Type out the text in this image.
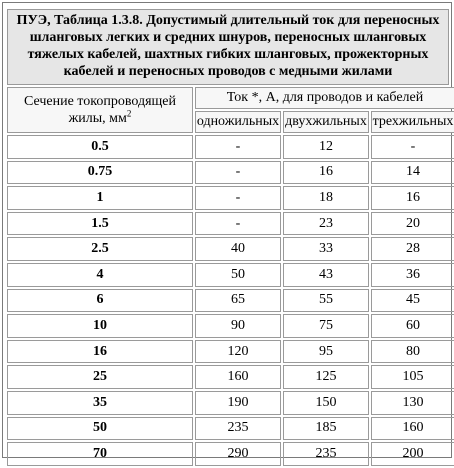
ПУЭ, Таблица 1.3.8. Допустимый длительный ток для переносных шланговых легких и средних шнуров, переносных шланговых тяжелых кабелей, шахтных гибких шланговых, прожекторных кабелей и переносных проводов с медными жилами
Сечение токопроводящей жилы, $мм^2$	Ток *, А, для проводов и кабелей		
	одножильных	двухжильных	трехжильных
0.5	-	12	-
0.75	-	16	14
1	-	18	16
1.5	-	23	20
2.5	40	33	28
4	50	43	36
6	65	55	45
10	90	75	60
16	120	95	80
25	160	125	105
35	190	150	130
50	235	185	160
70	290	235	200
